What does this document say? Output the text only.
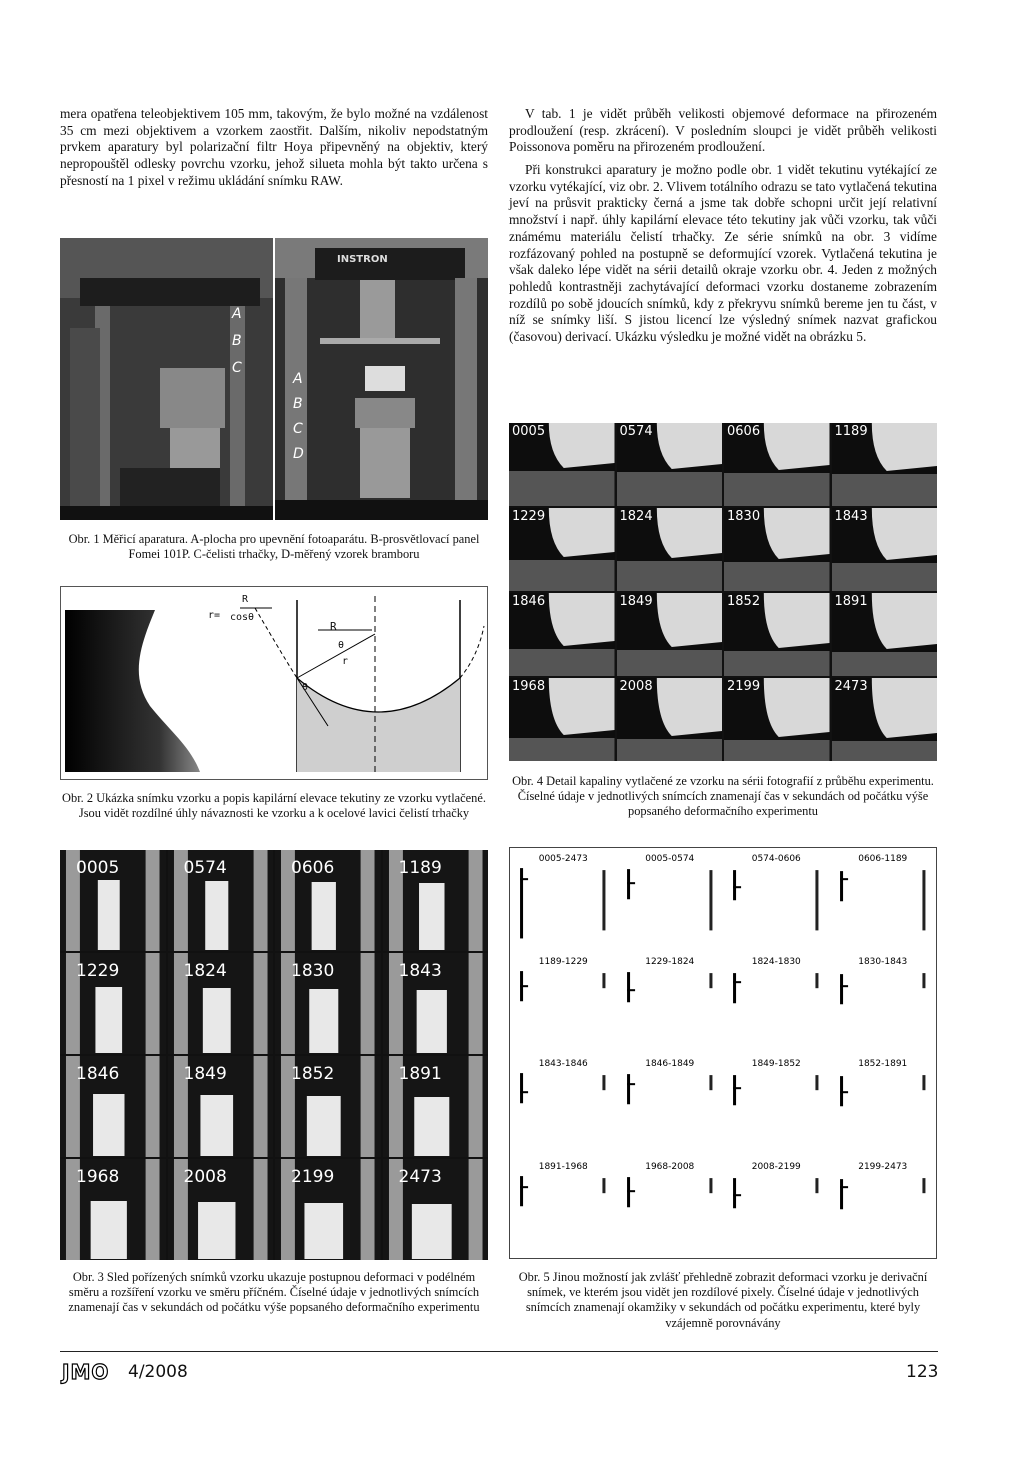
mera opatřena teleobjektivem 105 mm, takovým, že bylo možné na vzdálenost 35 cm mezi objektivem a vzorkem zaostřit. Dalším, nikoliv nepodstatným prvkem aparatury byl polarizační filtr Hoya připevněný na objektiv, který nepropouštěl odlesky povrchu vzorku, jehož silueta mohla být takto určena s přesností na 1 pixel v režimu ukládání snímku RAW.

V tab. 1 je vidět průběh velikosti objemové deformace na přirozeném prodloužení (resp. zkrácení). V posledním sloupci je vidět průběh velikosti Poissonova poměru na přirozeném prodloužení.

Při konstrukci aparatury je možno podle obr. 1 vidět tekutinu vytékající ze vzorku vytékající, viz obr. 2. Vlivem totálního odrazu se tato vytlačená tekutina jeví na průsvit prakticky černá a jsme tak dobře schopni určit její relativní množství i např. úhly kapilární elevace této tekutiny jak vůči vzorku, tak vůči známému materiálu čelistí trhačky. Ze série snímků na obr. 3 vidíme rozfázovaný pohled na postupně se deformující vzorek. Vytlačená tekutina je však daleko lépe vidět na sérii detailů okraje vzorku obr. 4. Jeden z možných pohledů kontrastněji zachytávající deformaci vzorku dostaneme zobrazením rozdílů po sobě jdoucích snímků, kdy z překryvu snímků bereme jen tu část, v níž se snímky liší. S jistou licencí lze výsledný snímek nazvat grafickou (časovou) derivací. Ukázku výsledku je možné vidět na obrázku 5.

A
B
C
A
B
C
D
INSTRON
Obr. 1 Měřicí aparatura. A-plocha pro upevnění fotoaparátu. B-prosvětlovací panel Fomei 101P. C-čelisti trhačky, D-měřený vzorek bramboru
r=
R
cosθ
R
θ
r
θ
Obr. 2 Ukázka snímku vzorku a popis kapilární elevace tekutiny ze vzorku vytlačené. Jsou vidět rozdílné úhly návaznosti ke vzorku a k ocelové lavici čelistí trhačky
0005	0574	0606	1189
1229	1824	1830	1843
1846	1849	1852	1891
1968	2008	2199	2473
Obr. 3 Sled pořízených snímků vzorku ukazuje postupnou deformaci v podélném směru a rozšíření vzorku ve směru příčném. Číselné údaje v jednotlivých snímcích znamenají čas v sekundách od počátku výše popsaného deformačního experimentu
0005	0574	0606	1189
1229	1824	1830	1843
1846	1849	1852	1891
1968	2008	2199	2473
Obr. 4 Detail kapaliny vytlačené ze vzorku na sérii fotografií z průběhu experimentu. Číselné údaje v jednotlivých snímcích znamenají čas v sekundách od počátku výše popsaného deformačního experimentu
0005-2473	0005-0574	0574-0606	0606-1189
1189-1229	1229-1824	1824-1830	1830-1843
1843-1846	1846-1849	1849-1852	1852-1891
1891-1968	1968-2008	2008-2199	2199-2473
Obr. 5 Jinou možností jak zvlášť přehledně zobrazit deformaci vzorku je derivační snímek, ve kterém jsou vidět jen rozdílové pixely. Číselné údaje v jednotlivých snímcích znamenají okamžiky v sekundách od počátku experimentu, které byly vzájemně porovnávány
JMO 4/2008	123
